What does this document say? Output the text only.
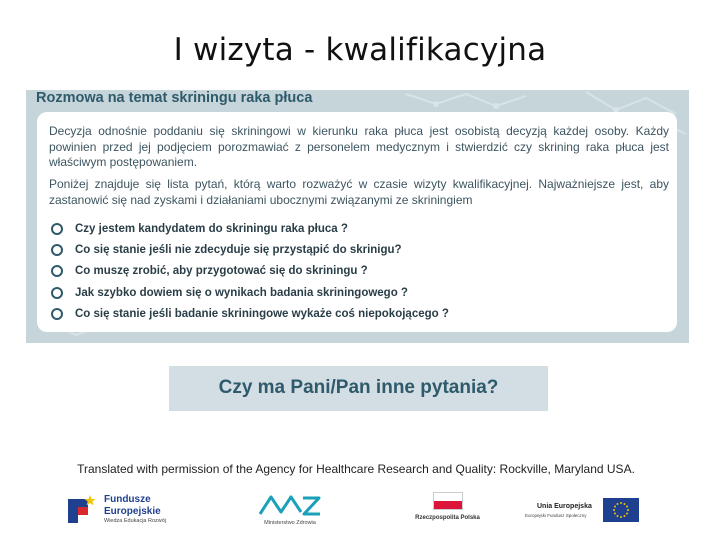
I wizyta - kwalifikacyjna
Rozmowa na temat skriningu raka płuca

Decyzja odnośnie poddaniu się skriningowi w kierunku raka płuca jest osobistą decyzją każdej osoby. Każdy powinien przed jej podjęciem porozmawiać z personelem medycznym i stwierdzić czy skrining raka płuca jest właściwym postępowaniem.

Poniżej znajduje się lista pytań, którą warto rozważyć w czasie wizyty kwalifikacyjnej. Najważniejsze jest, aby zastanowić się nad zyskami i działaniami ubocznymi związanymi ze skriningiem

Czy jestem kandydatem do skriningu raka płuca ?
Co się stanie jeśli nie zdecyduje się przystąpić do skrinigu?
Co muszę zrobić, aby przygotować się do skriningu ?
Jak szybko dowiem się o wynikach badania skriningowego ?
Co się stanie jeśli badanie skriningowe wykaże coś niepokojącego ?
Czy ma Pani/Pan inne pytania?
Translated with permission of the Agency for Healthcare Research and Quality: Rockville, Maryland USA.
Fundusze
Europejskie
Wiedza Edukacja Rozwój	Ministerstwo Zdrowia
Rzeczpospolita Polska
Unia Europejska
Europejski Fundusz Społeczny
